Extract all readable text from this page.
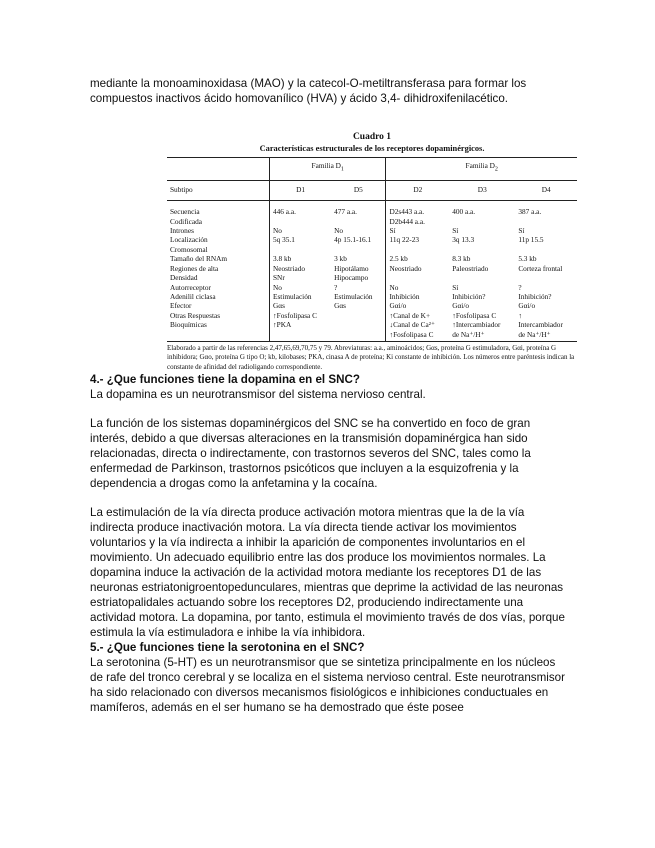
mediante la monoaminoxidasa (MAO) y la catecol-O-metiltransferasa para formar los compuestos inactivos ácido homovanílico (HVA) y ácido 3,4- dihidroxifenilacético.

Cuadro 1
Características estructurales de los receptores dopaminérgicos.
	Familia $D_1$		Familia $D_2$
Subtipo	D1	D5	D2	D3	D4
Secuencia	446 a.a.	477 a.a.	D2s443 a.a.	400 a.a.	387 a.a.
Codificada			D2b444 a.a.		
Intrones	No	No	Sí	Sí	Sí
Localización	5q 35.1	4p 15.1-16.1	11q 22-23	3q 13.3	11p 15.5
Cromosomal					
Tamaño del RNAm	3.8 kb	3 kb	2.5 kb	8.3 kb	5.3 kb
Regiones de alta	Neostriado	Hipotálamo	Neostriado	Paleostriado	Corteza frontal
Densidad	SNr	Hipocampo			
Autorreceptor	No	?	No	Sí	?
Adenilil ciclasa	Estimulación	Estimulación	Inhibición	Inhibición?	Inhibición?
Efector	Gαs	Gαs	Gαi/o	Gαi/o	Gαi/o
Otras Respuestas	↑Fosfolipasa C		↑Canal de K+	↑Fosfolipasa C	↑
Bioquímicas	↑PKA		↓Canal de Ca²⁺	↑Intercambiador	Intercambiador
			↑Fosfolipasa C	de Na⁺/H⁺	de Na⁺/H⁺
Elaborado a partir de las referencias 2,47,65,69,70,75 y 79. Abreviaturas: a.a., aminoácidos; Gαs, proteína G estimuladora, Gαi, proteína G inhibidora; Gαo, proteína G tipo O; kb, kilobases; PKA, cinasa A de proteína; Ki constante de inhibición. Los números entre paréntesis indican la constante de afinidad del radioligando correspondiente.

4.- ¿Que funciones tiene la dopamina en el SNC?

La dopamina es un neurotransmisor del sistema nervioso central.

La función de los sistemas dopaminérgicos del SNC se ha convertido en foco de gran interés, debido a que diversas alteraciones en la transmisión dopaminérgica han sido relacionadas, directa o indirectamente, con trastornos severos del SNC, tales como la enfermedad de Parkinson, trastornos psicóticos que incluyen a la esquizofrenia y la dependencia a drogas como la anfetamina y la cocaína.

La estimulación de la vía directa produce activación motora mientras que la de la vía indirecta produce inactivación motora. La vía directa tiende activar los movimientos voluntarios y la vía indirecta a inhibir la aparición de componentes involuntarios en el movimiento. Un adecuado equilibrio entre las dos produce los movimientos normales. La dopamina induce la activación de la actividad motora mediante los receptores D1 de las neuronas estriatonigroentopedunculares, mientras que deprime la actividad de las neuronas estriatopalidales actuando sobre los receptores D2, produciendo indirectamente una actividad motora. La dopamina, por tanto, estimula el movimiento través de dos vías, porque estimula la vía estimuladora e inhibe la vía inhibidora.

5.- ¿Que funciones tiene la serotonina en el SNC?

La serotonina (5-HT) es un neurotransmisor que se sintetiza principalmente en los núcleos de rafe del tronco cerebral y se localiza en el sistema nervioso central. Este neurotransmisor ha sido relacionado con diversos mecanismos fisiológicos e inhibiciones conductuales en mamíferos, además en el ser humano se ha demostrado que éste posee
